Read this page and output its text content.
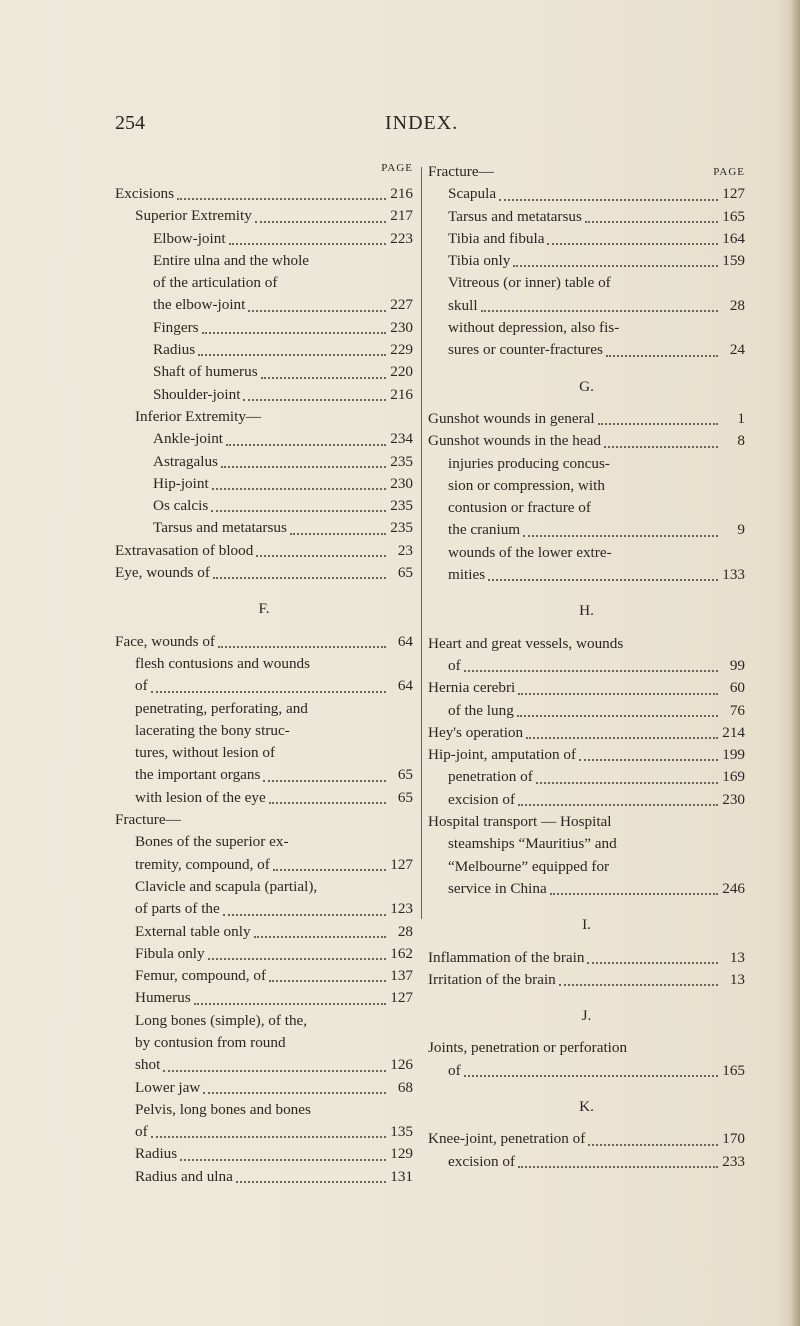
254	INDEX.
PAGE
Excisions	216
Superior Extremity	217
Elbow-joint	223
Entire ulna and the whole
of the articulation of
the elbow-joint	227
Fingers	230
Radius	229
Shaft of humerus	220
Shoulder-joint	216
Inferior Extremity—
Ankle-joint	234
Astragalus	235
Hip-joint	230
Os calcis	235
Tarsus and metatarsus	235
Extravasation of blood	23
Eye, wounds of	65
F.
Face, wounds of	64
flesh contusions and wounds
of	64
penetrating, perforating, and
lacerating the bony struc-
tures, without lesion of
the important organs	65
with lesion of the eye	65
Fracture—
Bones of the superior ex-
tremity, compound, of	127
Clavicle and scapula (partial),
of parts of the	123
External table only	28
Fibula only	162
Femur, compound, of	137
Humerus	127
Long bones (simple), of the,
by contusion from round
shot	126
Lower jaw	68
Pelvis, long bones and bones
of	135
Radius	129
Radius and ulna	131
Fracture—	PAGE
Scapula	127
Tarsus and metatarsus	165
Tibia and fibula	164
Tibia only	159
Vitreous (or inner) table of
skull	28
without depression, also fis-
sures or counter-fractures	24
G.
Gunshot wounds in general	1
Gunshot wounds in the head	8
injuries producing concus-
sion or compression, with
contusion or fracture of
the cranium	9
wounds of the lower extre-
mities	133
H.
Heart and great vessels, wounds
of	99
Hernia cerebri	60
of the lung	76
Hey's operation	214
Hip-joint, amputation of	199
penetration of	169
excision of	230
Hospital transport — Hospital
steamships “Mauritius” and
“Melbourne” equipped for
service in China	246
I.
Inflammation of the brain	13
Irritation of the brain	13
J.
Joints, penetration or perforation
of	165
K.
Knee-joint, penetration of	170
excision of	233
